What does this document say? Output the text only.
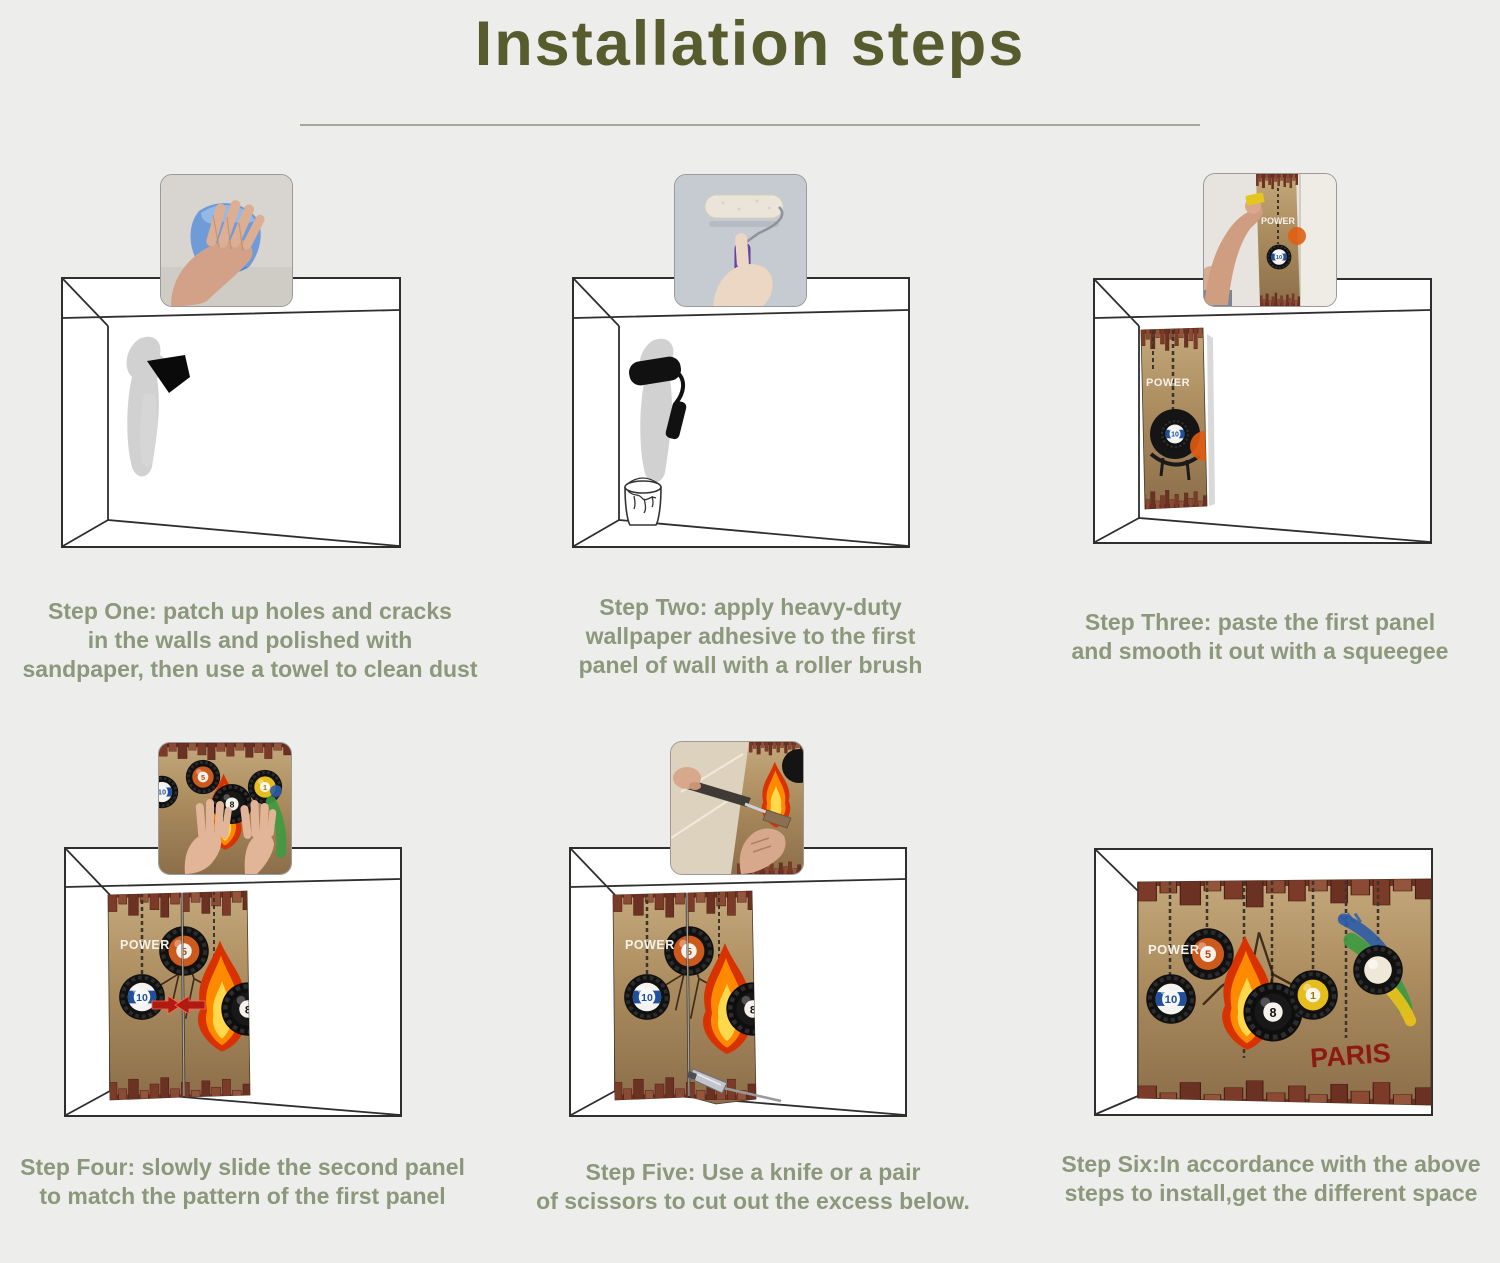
Installation steps
Step One: patch up holes and cracks
in the walls and polished with
sandpaper, then use a towel to clean dust
Step Two: apply heavy-duty
wallpaper adhesive to the first
panel of wall with a roller brush
POWER
POWER
Step Three: paste the first panel
and smooth it out with a squeegee
POWER
Step Four: slowly slide the second panel
to match the pattern of the first panel
POWER
Step Five: Use a knife or a pair
of scissors to cut out the excess below.
POWER
PARIS
Step Six:In accordance with the above
steps to install,get the different space
